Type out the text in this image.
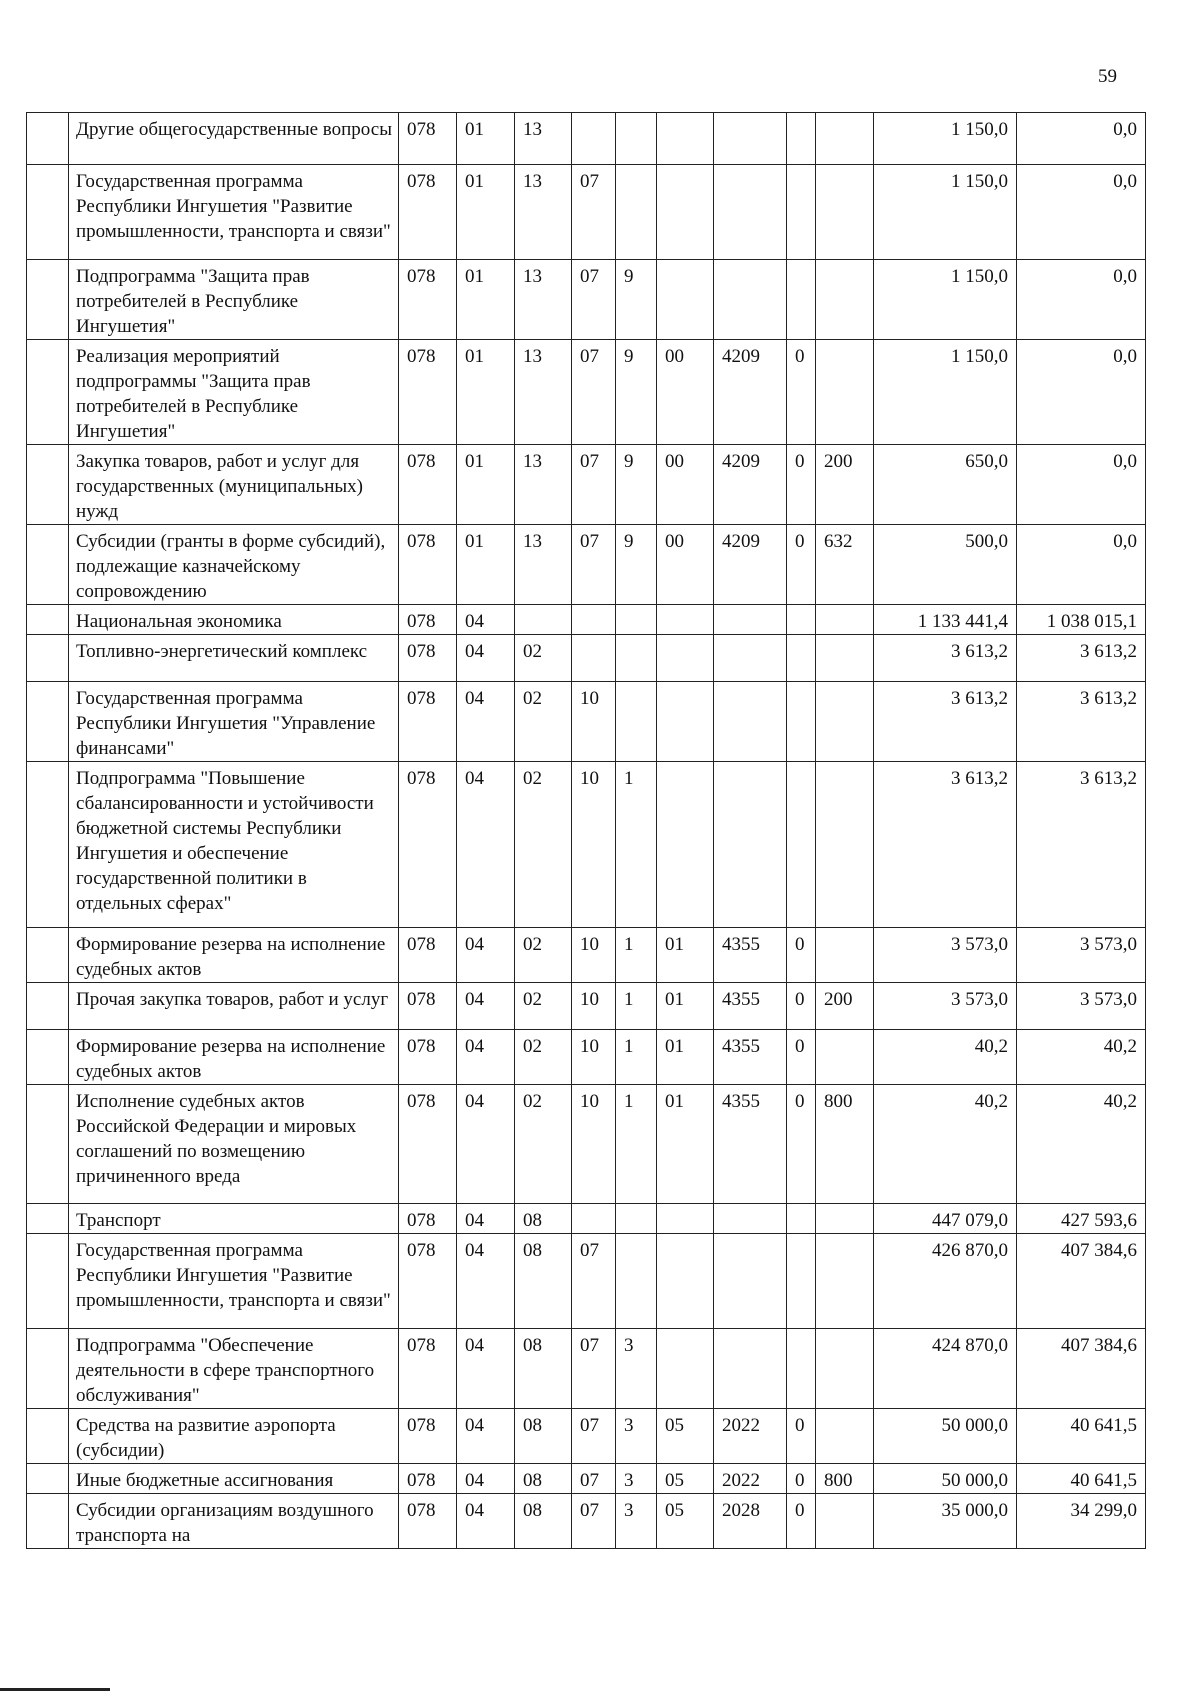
59
	Другие общегосударственные вопросы	078	01	13							1 150,0	0,0
	Государственная программа Республики Ингушетия "Развитие промышленности, транспорта и связи"	078	01	13	07						1 150,0	0,0
	Подпрограмма "Защита прав потребителей в Республике Ингушетия"	078	01	13	07	9					1 150,0	0,0
	Реализация мероприятий подпрограммы "Защита прав потребителей в Республике Ингушетия"	078	01	13	07	9	00	4209	0		1 150,0	0,0
	Закупка товаров, работ и услуг для государственных (муниципальных) нужд	078	01	13	07	9	00	4209	0	200	650,0	0,0
	Субсидии (гранты в форме субсидий), подлежащие казначейскому сопровождению	078	01	13	07	9	00	4209	0	632	500,0	0,0
	Национальная экономика	078	04								1 133 441,4	1 038 015,1
	Топливно-энергетический комплекс	078	04	02							3 613,2	3 613,2
	Государственная программа Республики Ингушетия "Управление финансами"	078	04	02	10						3 613,2	3 613,2
	Подпрограмма "Повышение сбалансированности и устойчивости бюджетной системы Республики Ингушетия и обеспечение государственной политики в отдельных сферах"	078	04	02	10	1					3 613,2	3 613,2
	Формирование резерва на исполнение судебных актов	078	04	02	10	1	01	4355	0		3 573,0	3 573,0
	Прочая закупка товаров, работ и услуг	078	04	02	10	1	01	4355	0	200	3 573,0	3 573,0
	Формирование резерва на исполнение судебных актов	078	04	02	10	1	01	4355	0		40,2	40,2
	Исполнение судебных актов Российской Федерации и мировых соглашений по возмещению причиненного вреда	078	04	02	10	1	01	4355	0	800	40,2	40,2
	Транспорт	078	04	08							447 079,0	427 593,6
	Государственная программа Республики Ингушетия "Развитие промышленности, транспорта и связи"	078	04	08	07						426 870,0	407 384,6
	Подпрограмма "Обеспечение деятельности в сфере транспортного обслуживания"	078	04	08	07	3					424 870,0	407 384,6
	Средства на развитие аэропорта (субсидии)	078	04	08	07	3	05	2022	0		50 000,0	40 641,5
	Иные бюджетные ассигнования	078	04	08	07	3	05	2022	0	800	50 000,0	40 641,5
	Субсидии организациям воздушного транспорта на	078	04	08	07	3	05	2028	0		35 000,0	34 299,0
